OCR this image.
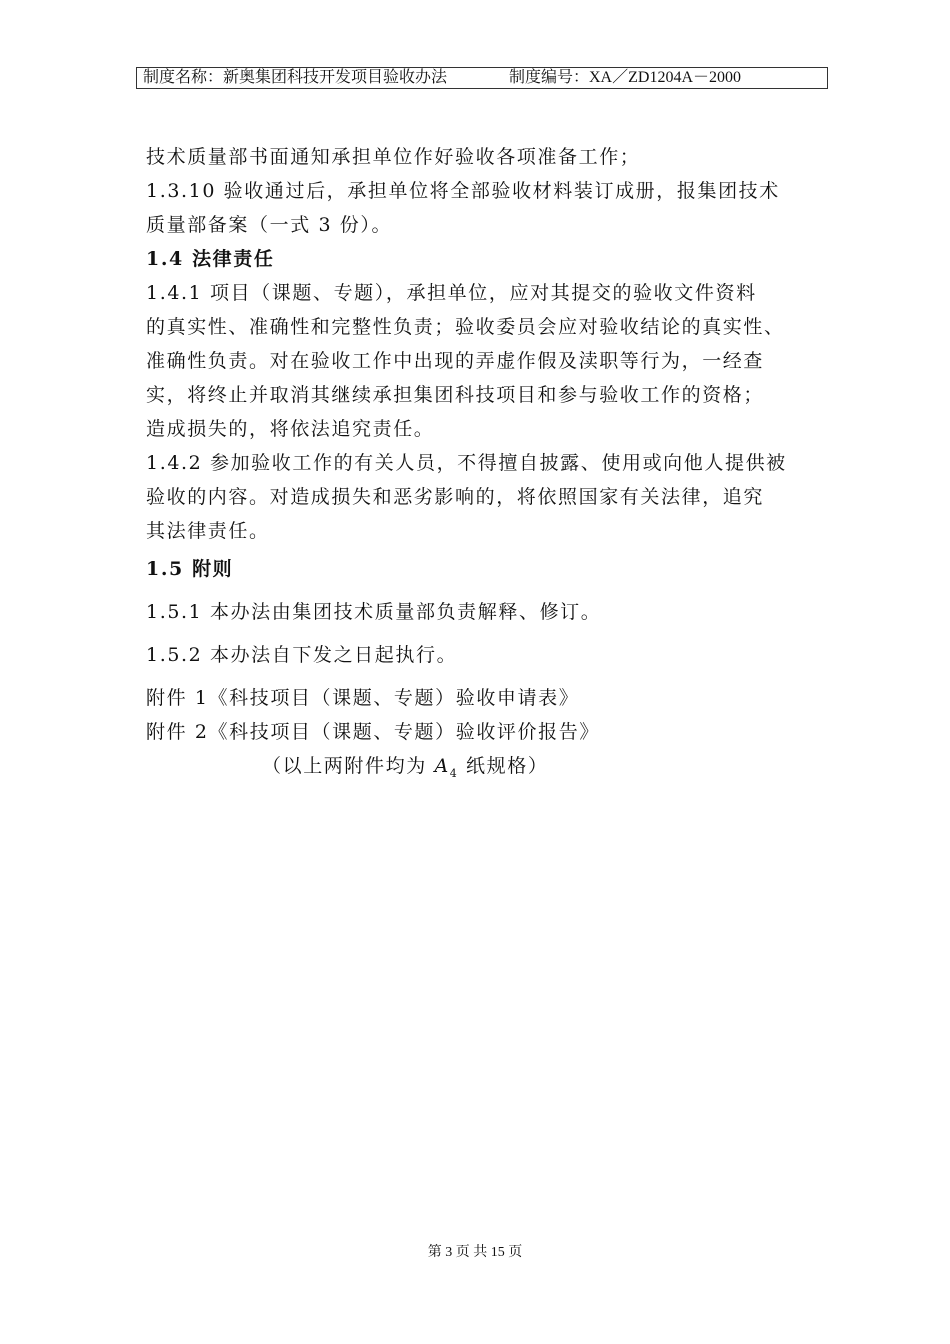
制度名称：新奥集团科技开发项目验收办法	制度编号：XA／ZD1204A－2000
技术质量部书面通知承担单位作好验收各项准备工作；
1.3.10 验收通过后，承担单位将全部验收材料装订成册，报集团技术
质量部备案（一式 3 份）。
1.4 法律责任
1.4.1 项目（课题、专题），承担单位，应对其提交的验收文件资料
的真实性、准确性和完整性负责；验收委员会应对验收结论的真实性、
准确性负责。对在验收工作中出现的弄虚作假及渎职等行为，一经查
实，将终止并取消其继续承担集团科技项目和参与验收工作的资格；
造成损失的，将依法追究责任。
1.4.2 参加验收工作的有关人员，不得擅自披露、使用或向他人提供被
验收的内容。对造成损失和恶劣影响的，将依照国家有关法律，追究
其法律责任。
1.5 附则
1.5.1 本办法由集团技术质量部负责解释、修订。
1.5.2 本办法自下发之日起执行。
附件 1《科技项目（课题、专题）验收申请表》
附件 2《科技项目（课题、专题）验收评价报告》
（以上两附件均为 $A_4$ 纸规格）
第 3 页 共 15 页
